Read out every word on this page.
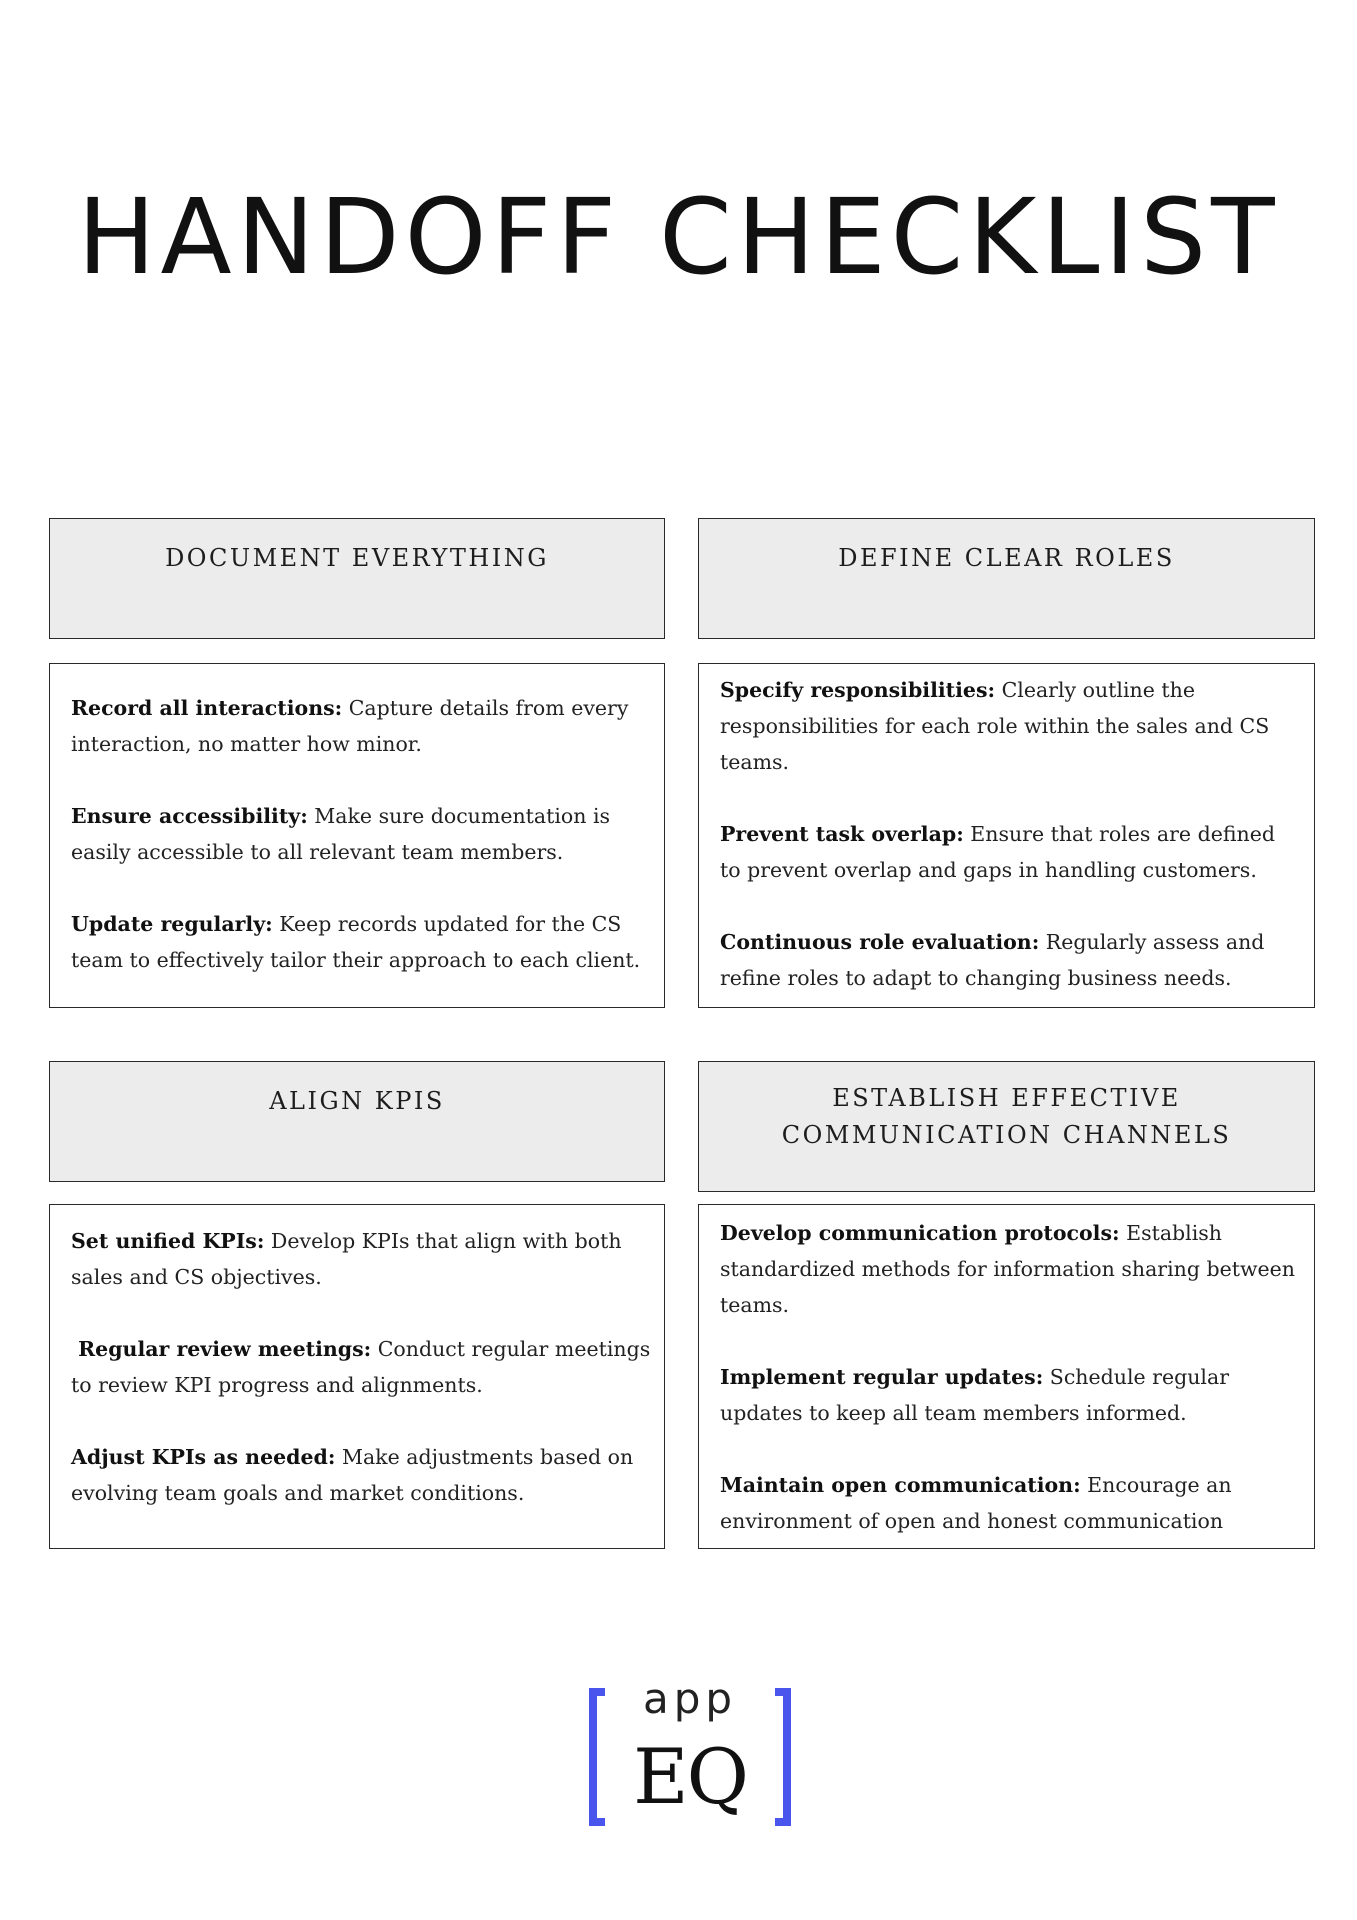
HANDOFF CHECKLIST
DOCUMENT EVERYTHING

Record all interactions: Capture details from every interaction, no matter how minor.

Ensure accessibility: Make sure documentation is easily accessible to all relevant team members.

Update regularly: Keep records updated for the CS team to effectively tailor their approach to each client.

DEFINE CLEAR ROLES

Specify responsibilities: Clearly outline the responsibilities for each role within the sales and CS teams.

Prevent task overlap: Ensure that roles are defined to prevent overlap and gaps in handling customers.

Continuous role evaluation: Regularly assess and refine roles to adapt to changing business needs.

ALIGN KPIS

Set unified KPIs: Develop KPIs that align with both sales and CS objectives.

Regular review meetings: Conduct regular meetings to review KPI progress and alignments.

Adjust KPIs as needed: Make adjustments based on evolving team goals and market conditions.

ESTABLISH EFFECTIVE COMMUNICATION CHANNELS

Develop communication protocols: Establish standardized methods for information sharing between teams.

Implement regular updates: Schedule regular updates to keep all team members informed.

Maintain open communication: Encourage an environment of open and honest communication

app
EQ
